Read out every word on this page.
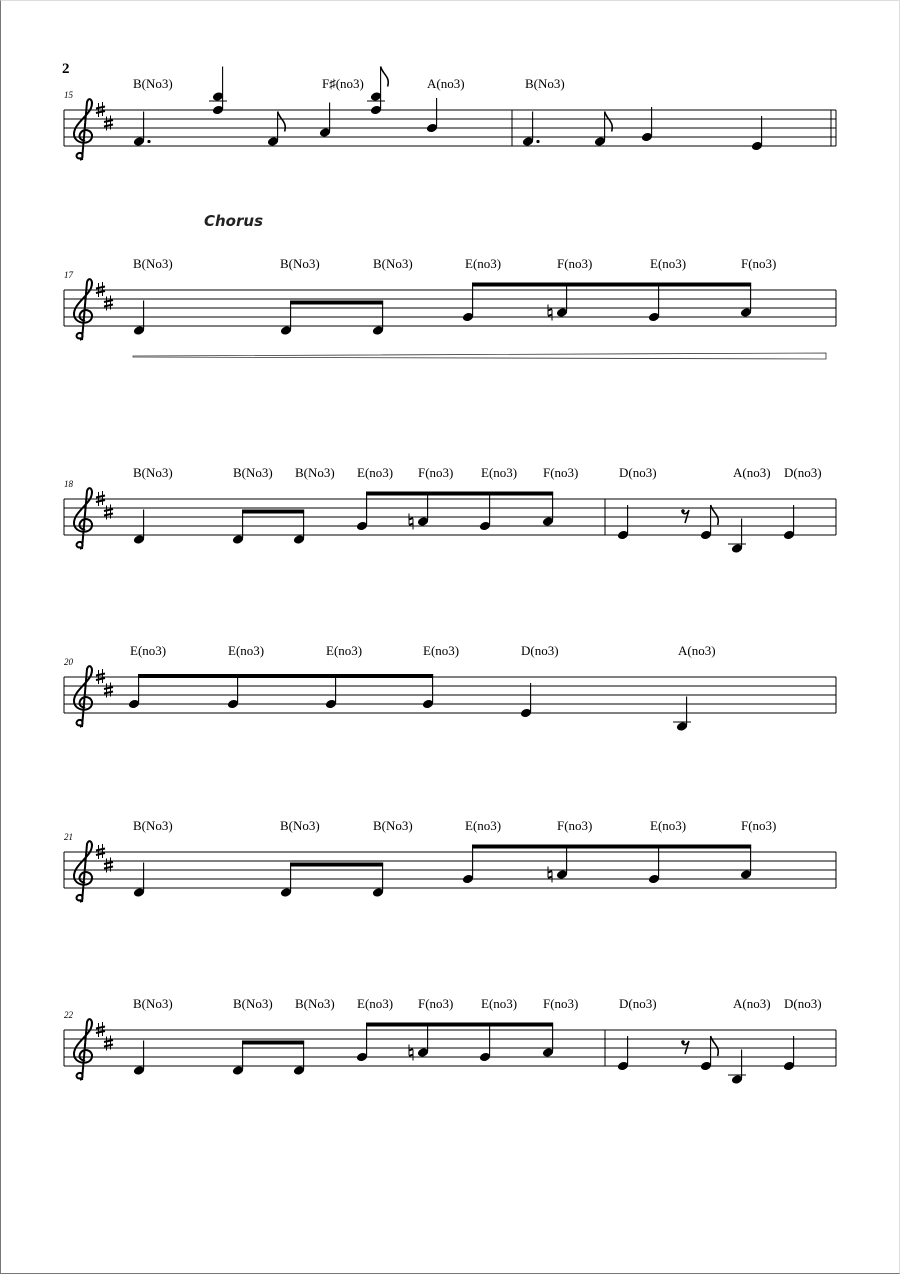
2
Chorus
15
B(No3)	F♯(no3)	A(no3)	B(No3)
17
B(No3)	B(No3)	B(No3)	E(no3)	F(no3)	E(no3)	F(no3)
18
B(No3)	B(No3) B(No3) E(no3) F(no3) E(no3) F(no3)	D(no3)	A(no3) D(no3)
20
E(no3)	E(no3)	E(no3)	E(no3)	D(no3)	A(no3)
21
B(No3)	B(No3)	B(No3)	E(no3)	F(no3)	E(no3)	F(no3)
22
B(No3)	B(No3) B(No3) E(no3) F(no3) E(no3) F(no3)	D(no3)	A(no3) D(no3)
